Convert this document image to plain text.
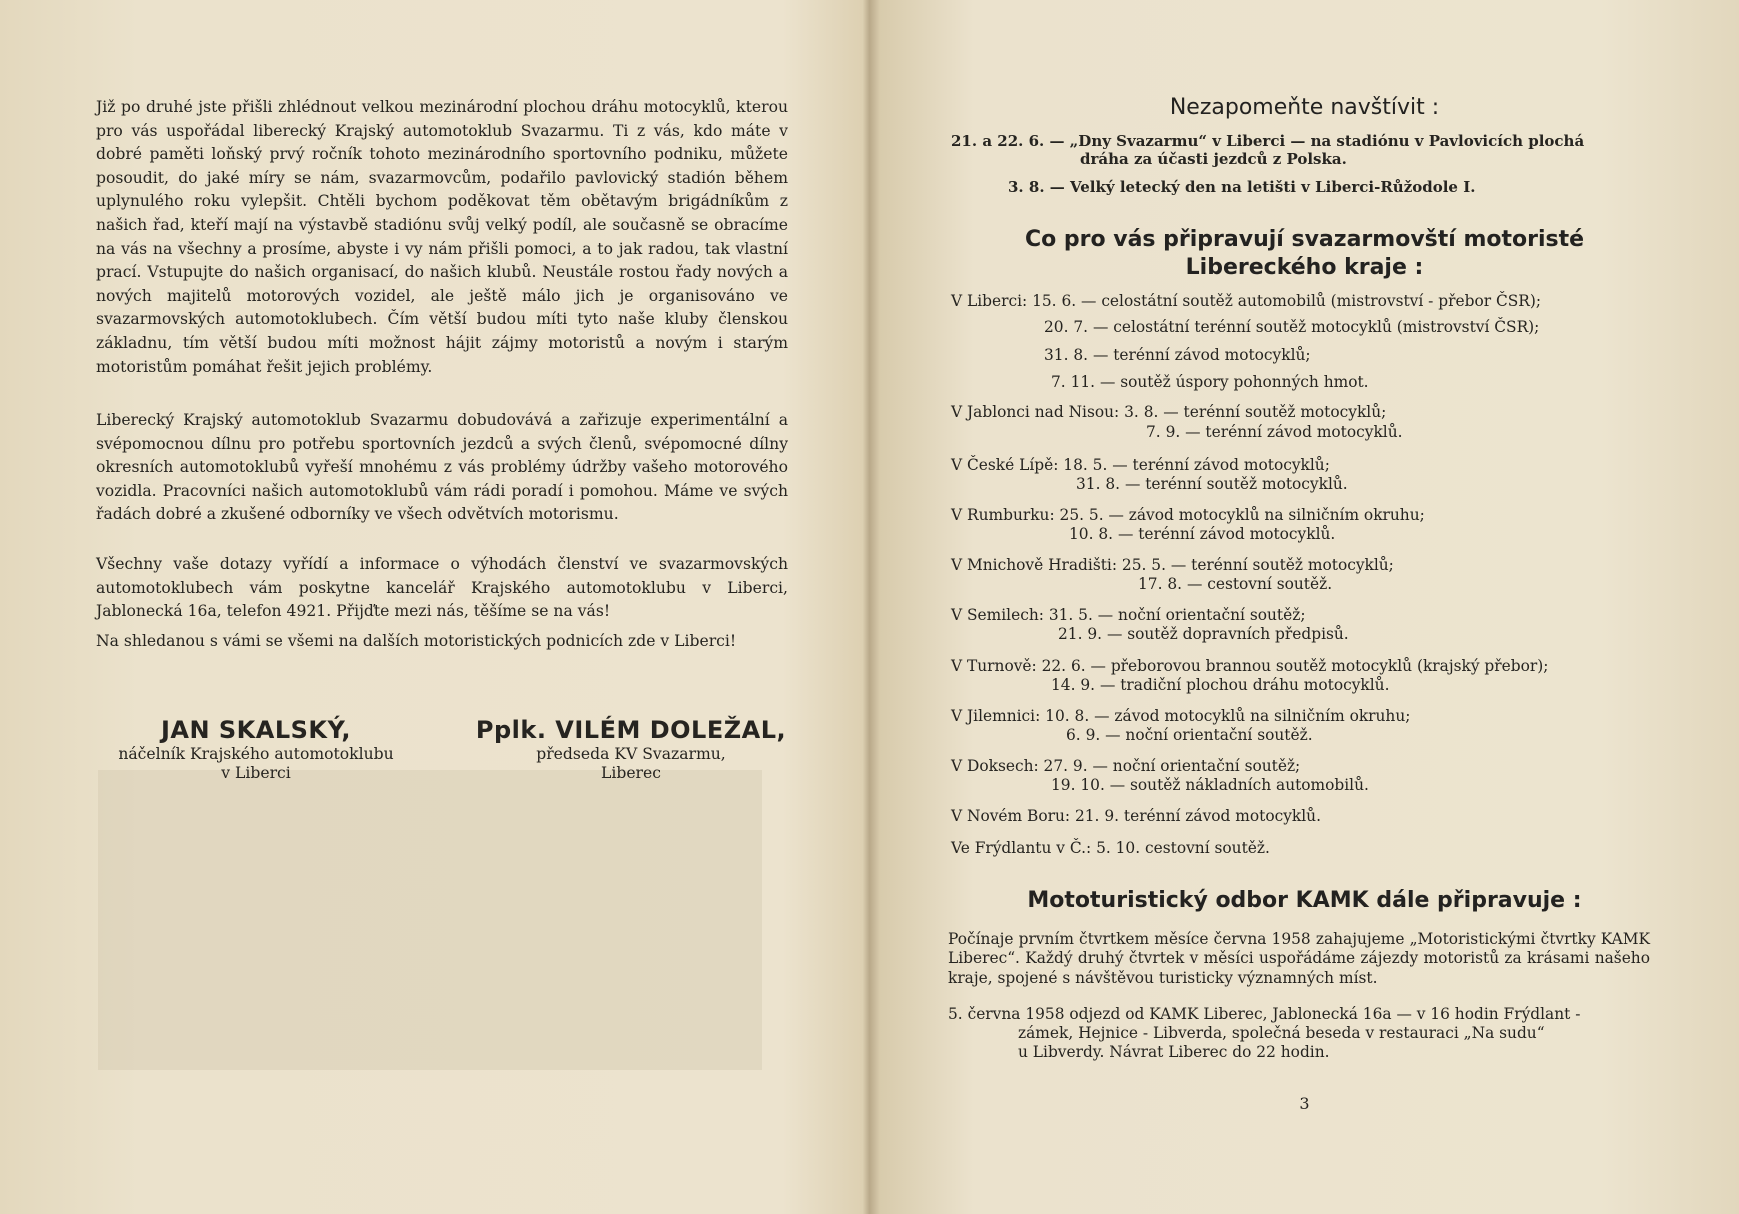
Již po druhé jste přišli zhlédnout velkou mezinárodní plochou dráhu motocyklů, kterou pro vás uspořádal liberecký Krajský automotoklub Svazarmu. Ti z vás, kdo máte v dobré paměti loňský prvý ročník tohoto mezinárodního sportovního podniku, můžete posoudit, do jaké míry se nám, svazarmovcům, podařilo pavlovický stadión během uplynulého roku vylepšit. Chtěli bychom poděkovat těm obětavým brigádníkům z našich řad, kteří mají na výstavbě stadiónu svůj velký podíl, ale současně se obracíme na vás na všechny a prosíme, abyste i vy nám přišli pomoci, a to jak radou, tak vlastní prací. Vstupujte do našich organisací, do našich klubů. Neustále rostou řady nových a nových majitelů motorových vozidel, ale ještě málo jich je organisováno ve svazarmovských automotoklubech. Čím větší budou míti tyto naše kluby členskou základnu, tím větší budou míti možnost hájit zájmy motoristů a novým i starým motoristům pomáhat řešit jejich problémy.

Liberecký Krajský automotoklub Svazarmu dobudovává a zařizuje experimentální a svépomocnou dílnu pro potřebu sportovních jezdců a svých členů, svépomocné dílny okresních automotoklubů vyřeší mnohému z vás problémy údržby vašeho motorového vozidla. Pracovníci našich automotoklubů vám rádi poradí i pomohou. Máme ve svých řadách dobré a zkušené odborníky ve všech odvětvích motorismu.

Všechny vaše dotazy vyřídí a informace o výhodách členství ve svazarmovských automotoklubech vám poskytne kancelář Krajského automotoklubu v Liberci, Jablonecká 16a, telefon 4921. Přijďte mezi nás, těšíme se na vás!

Na shledanou s vámi se všemi na dalších motoristických podnicích zde v Liberci!

JAN SKALSKÝ,
náčelník Krajského automotoklubu
v Liberci
Pplk. VILÉM DOLEŽAL,
předseda KV Svazarmu,
Liberec
Nezapomeňte navštívit :
21. a 22. 6. — „Dny Svazarmu“ v Liberci — na stadiónu v Pavlovicích plochá
dráha za účasti jezdců z Polska.
3. 8. — Velký letecký den na letišti v Liberci-Růžodole I.
Co pro vás připravují svazarmovští motoristé
Libereckého kraje :
V Liberci: 15. 6. — celostátní soutěž automobilů (mistrovství - přebor ČSR);
20. 7. — celostátní terénní soutěž motocyklů (mistrovství ČSR);
31. 8. — terénní závod motocyklů;
7. 11. — soutěž úspory pohonných hmot.
V Jablonci nad Nisou: 3. 8. — terénní soutěž motocyklů;
7. 9. — terénní závod motocyklů.
V České Lípě: 18. 5. — terénní závod motocyklů;
31. 8. — terénní soutěž motocyklů.
V Rumburku: 25. 5. — závod motocyklů na silničním okruhu;
10. 8. — terénní závod motocyklů.
V Mnichově Hradišti: 25. 5. — terénní soutěž motocyklů;
17. 8. — cestovní soutěž.
V Semilech: 31. 5. — noční orientační soutěž;
21. 9. — soutěž dopravních předpisů.
V Turnově: 22. 6. — přeborovou brannou soutěž motocyklů (krajský přebor);
14. 9. — tradiční plochou dráhu motocyklů.
V Jilemnici: 10. 8. — závod motocyklů na silničním okruhu;
6. 9. — noční orientační soutěž.
V Doksech: 27. 9. — noční orientační soutěž;
19. 10. — soutěž nákladních automobilů.
V Novém Boru: 21. 9. terénní závod motocyklů.
Ve Frýdlantu v Č.: 5. 10. cestovní soutěž.
Mototuristický odbor KAMK dále připravuje :

Počínaje prvním čtvrtkem měsíce června 1958 zahajujeme „Motoristickými čtvrtky KAMK Liberec“. Každý druhý čtvrtek v měsíci uspořádáme zájezdy motoristů za krásami našeho kraje, spojené s návštěvou turisticky významných míst.

5. června 1958 odjezd od KAMK Liberec, Jablonecká 16a — v 16 hodin Frýdlant -
zámek, Hejnice - Libverda, společná beseda v restauraci „Na sudu“
u Libverdy. Návrat Liberec do 22 hodin.
3
